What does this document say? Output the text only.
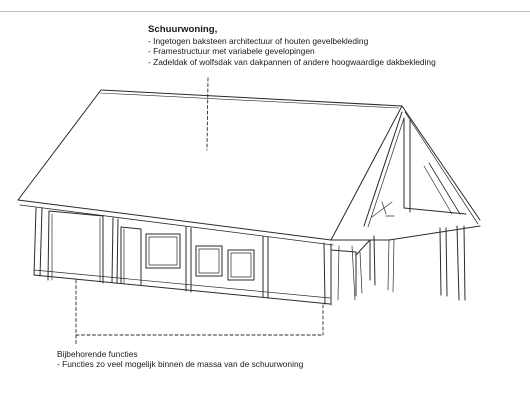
Schuurwoning,
- Ingetogen baksteen architectuur of houten gevelbekleding
- Framestructuur met variabele gevelopingen
- Zadeldak of wolfsdak van dakpannen of andere hoogwaardige dakbekleding
Bijbehorende functies
- Functies zo veel mogelijk binnen de massa van de schuurwoning
